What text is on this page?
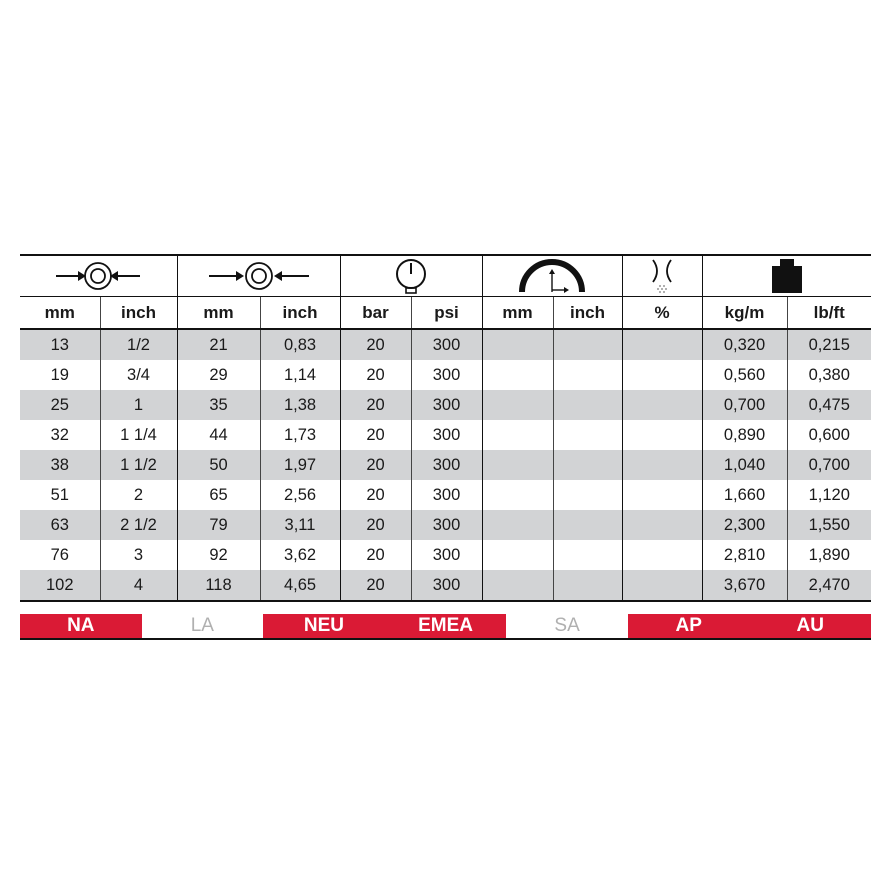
mm	inch	mm	inch	bar	psi	mm	inch	%	kg/m	lb/ft
13	1/2	21	0,83	20	300				0,320	0,215
19	3/4	29	1,14	20	300				0,560	0,380
25	1	35	1,38	20	300				0,700	0,475
32	1 1/4	44	1,73	20	300				0,890	0,600
38	1 1/2	50	1,97	20	300				1,040	0,700
51	2	65	2,56	20	300				1,660	1,120
63	2 1/2	79	3,11	20	300				2,300	1,550
76	3	92	3,62	20	300				2,810	1,890
102	4	118	4,65	20	300				3,670	2,470
NA	LA	NEU	EMEA	SA	AP	AU
